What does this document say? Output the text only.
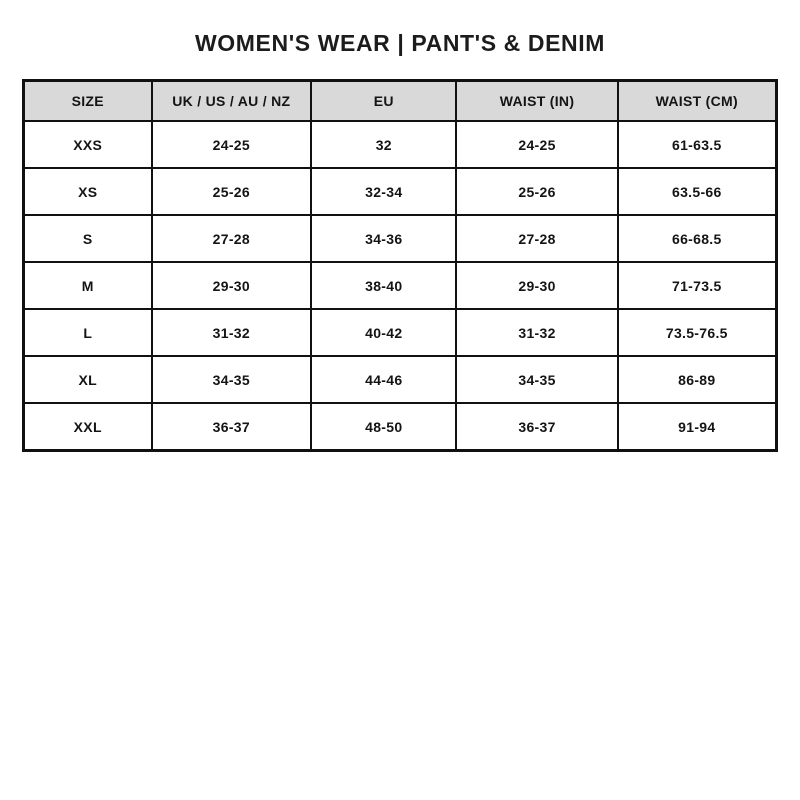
WOMEN'S WEAR | PANT'S & DENIM
SIZE	UK / US / AU / NZ	EU	WAIST (IN)	WAIST (CM)
XXS	24-25	32	24-25	61-63.5
XS	25-26	32-34	25-26	63.5-66
S	27-28	34-36	27-28	66-68.5
M	29-30	38-40	29-30	71-73.5
L	31-32	40-42	31-32	73.5-76.5
XL	34-35	44-46	34-35	86-89
XXL	36-37	48-50	36-37	91-94
